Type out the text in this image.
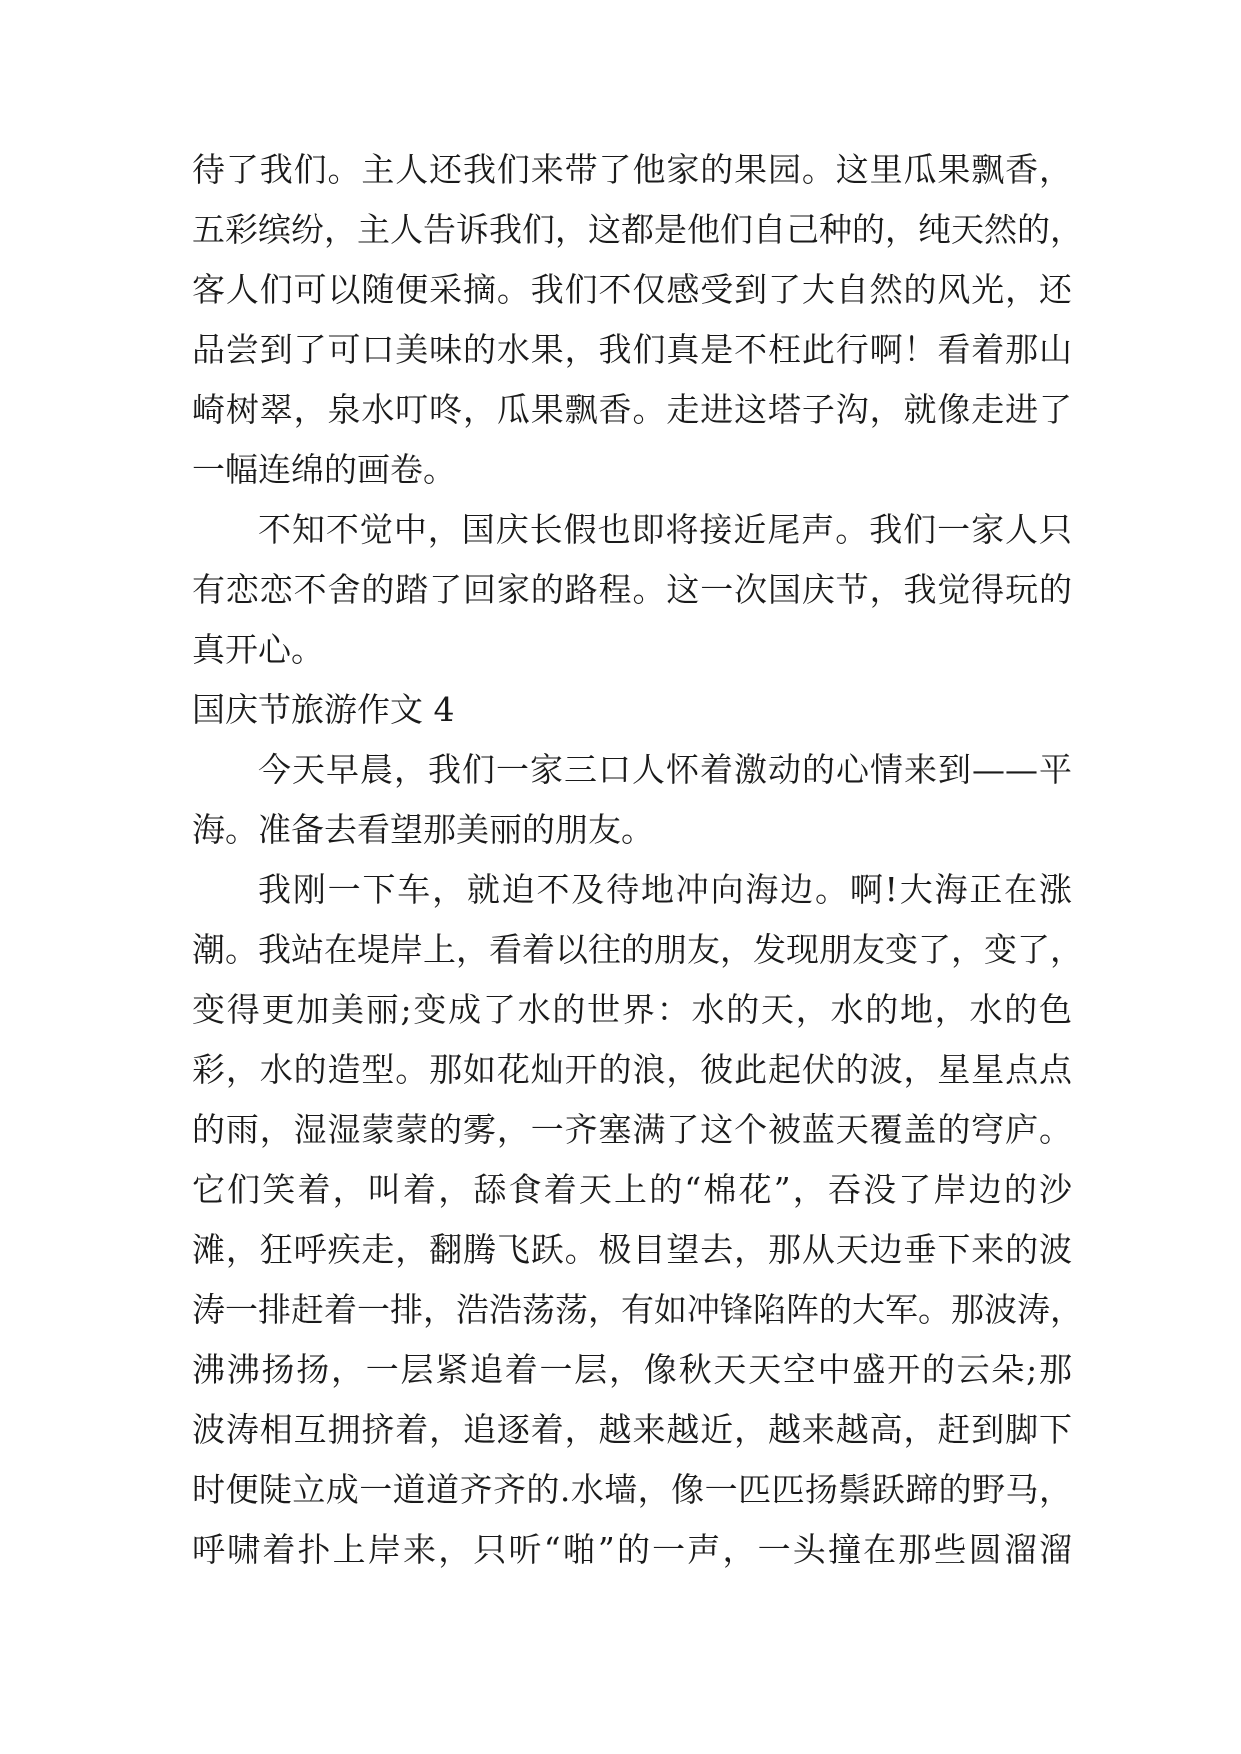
待了我们。主人还我们来带了他家的果园。这里瓜果飘香，
五彩缤纷，主人告诉我们，这都是他们自己种的，纯天然的，
客人们可以随便采摘。我们不仅感受到了大自然的风光，还
品尝到了可口美味的水果，我们真是不枉此行啊！看着那山
崎树翠，泉水叮咚，瓜果飘香。走进这塔子沟，就像走进了
一幅连绵的画卷。
不知不觉中，国庆长假也即将接近尾声。我们一家人只
有恋恋不舍的踏了回家的路程。这一次国庆节，我觉得玩的
真开心。
国庆节旅游作文 4
今天早晨，我们一家三口人怀着激动的心情来到——平
海。准备去看望那美丽的朋友。
我刚一下车，就迫不及待地冲向海边。啊!大海正在涨
潮。我站在堤岸上，看着以往的朋友，发现朋友变了，变了，
变得更加美丽;变成了水的世界：水的天，水的地，水的色
彩，水的造型。那如花灿开的浪，彼此起伏的波，星星点点
的雨，湿湿蒙蒙的雾，一齐塞满了这个被蓝天覆盖的穹庐。
它们笑着，叫着，舔食着天上的“棉花”，吞没了岸边的沙
滩，狂呼疾走，翻腾飞跃。极目望去，那从天边垂下来的波
涛一排赶着一排，浩浩荡荡，有如冲锋陷阵的大军。那波涛，
沸沸扬扬，一层紧追着一层，像秋天天空中盛开的云朵;那
波涛相互拥挤着，追逐着，越来越近，越来越高，赶到脚下
时便陡立成一道道齐齐的.水墙，像一匹匹扬鬃跃蹄的野马，
呼啸着扑上岸来，只听“啪”的一声，一头撞在那些圆溜溜
